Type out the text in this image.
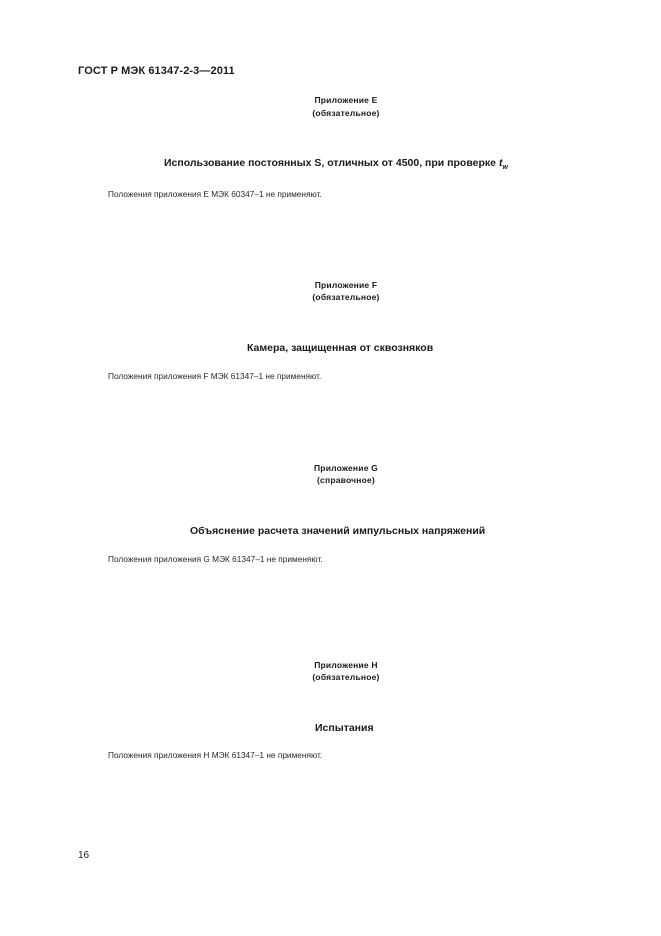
ГОСТ Р МЭК 61347-2-3—2011
Приложение Е
(обязательное)
Использование постоянных S, отличных от 4500, при проверке $t_w$
Положения приложения Е МЭК 60347–1 не применяют.
Приложение F
(обязательное)
Камера, защищенная от сквозняков
Положения приложения F МЭК 61347–1 не применяют.
Приложение G
(справочное)
Объяснение расчета значений импульсных напряжений
Положения приложения G МЭК 61347–1 не применяют.
Приложение Н
(обязательное)
Испытания
Положения приложения Н МЭК 61347–1 не применяют.
16
